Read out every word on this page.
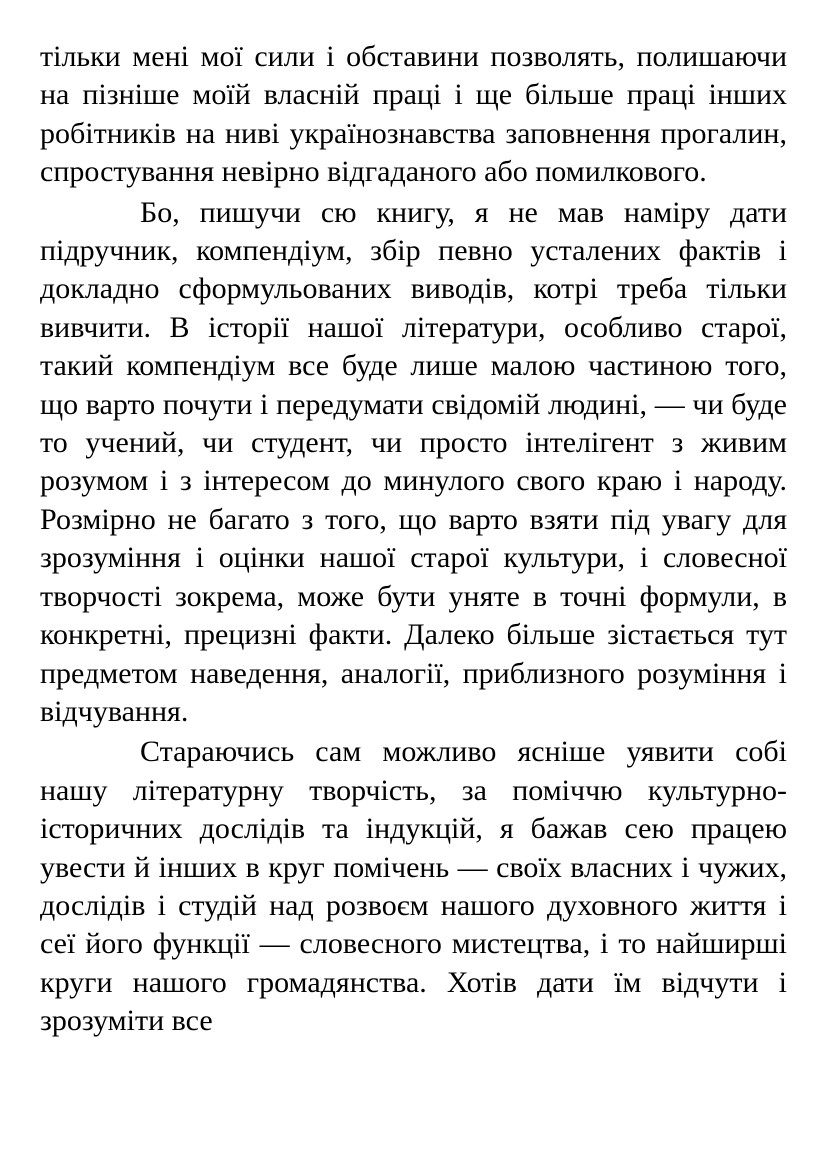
тільки мені мої сили і обставини позволять, полишаючи на пізніше моїй власній праці і ще більше праці інших робітників на ниві українознавства заповнення прогалин, спростування невірно відгаданого або помилкового.

Бо, пишучи сю книгу, я не мав наміру дати підручник, компендіум, збір певно усталених фактів і докладно сформульованих виводів, котрі треба тільки вивчити. В історії нашої літератури, особливо старої, такий компендіум все буде лише малою частиною того, що варто почути і передумати свідомій людині, — чи буде то учений, чи студент, чи просто інтелігент з живим розумом і з інтересом до минулого свого краю і народу. Розмірно не багато з того, що варто взяти під увагу для зрозуміння і оцінки нашої старої культури, і словесної творчості зокрема, може бути уняте в точні формули, в конкретні, прецизні факти. Далеко більше зістається тут предметом наведення, аналогії, приблизного розуміння і відчування.

Стараючись сам можливо ясніше уявити собі нашу літературну творчість, за поміччю культурно-історичних дослідів та індукцій, я бажав сею працею увести й інших в круг помічень — своїх власних і чужих, дослідів і студій над розвоєм нашого духовного життя і сеї його функції — словесного мистецтва, і то найширші круги нашого громадянства. Хотів дати їм відчути і зрозуміти все
